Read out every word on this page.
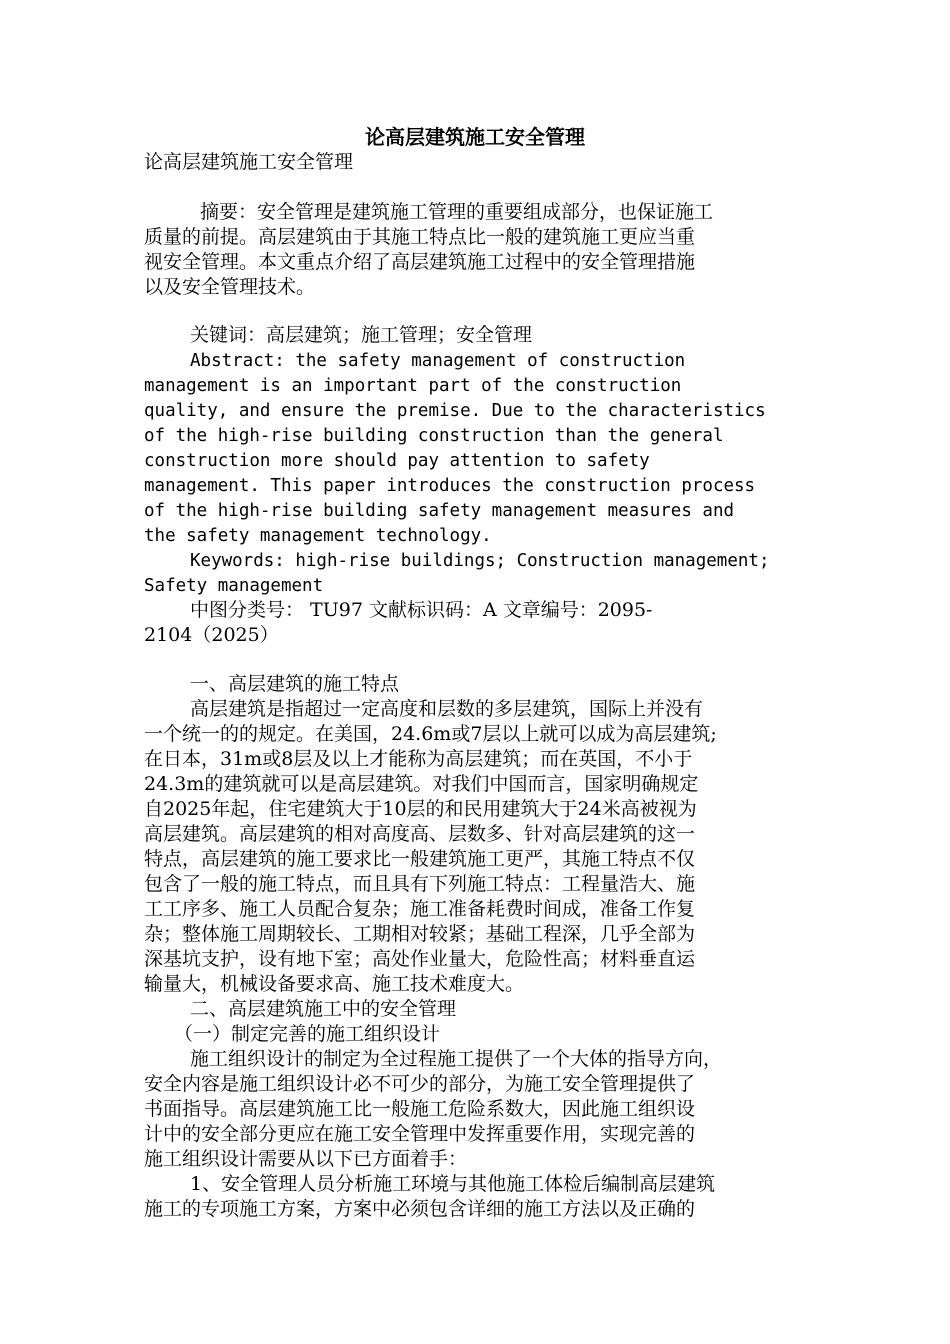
论高层建筑施工安全管理
论高层建筑施工安全管理
摘要：安全管理是建筑施工管理的重要组成部分，也保证施工
质量的前提。高层建筑由于其施工特点比一般的建筑施工更应当重
视安全管理。本文重点介绍了高层建筑施工过程中的安全管理措施
以及安全管理技术。
关键词：高层建筑；施工管理；安全管理
Abstract: the safety management of construction
management is an important part of the construction
quality, and ensure the premise. Due to the characteristics
of the high-rise building construction than the general
construction more should pay attention to safety
management. This paper introduces the construction process
of the high-rise building safety management measures and
the safety management technology.
Keywords: high-rise buildings; Construction management;
Safety management
中图分类号： TU97 文献标识码：A 文章编号：2095-
2104（2025）
一、高层建筑的施工特点
高层建筑是指超过一定高度和层数的多层建筑，国际上并没有
一个统一的的规定。在美国，24.6m或7层以上就可以成为高层建筑;
在日本，31m或8层及以上才能称为高层建筑；而在英国，不小于
24.3m的建筑就可以是高层建筑。对我们中国而言，国家明确规定
自2025年起，住宅建筑大于10层的和民用建筑大于24米高被视为
高层建筑。高层建筑的相对高度高、层数多、针对高层建筑的这一
特点，高层建筑的施工要求比一般建筑施工更严，其施工特点不仅
包含了一般的施工特点，而且具有下列施工特点：工程量浩大、施
工工序多、施工人员配合复杂；施工准备耗费时间成，准备工作复
杂；整体施工周期较长、工期相对较紧；基础工程深，几乎全部为
深基坑支护，设有地下室；高处作业量大，危险性高；材料垂直运
输量大，机械设备要求高、施工技术难度大。
二、高层建筑施工中的安全管理
（一）制定完善的施工组织设计
施工组织设计的制定为全过程施工提供了一个大体的指导方向，
安全内容是施工组织设计必不可少的部分，为施工安全管理提供了
书面指导。高层建筑施工比一般施工危险系数大，因此施工组织设
计中的安全部分更应在施工安全管理中发挥重要作用，实现完善的
施工组织设计需要从以下已方面着手：
1、安全管理人员分析施工环境与其他施工体检后编制高层建筑
施工的专项施工方案，方案中必须包含详细的施工方法以及正确的
